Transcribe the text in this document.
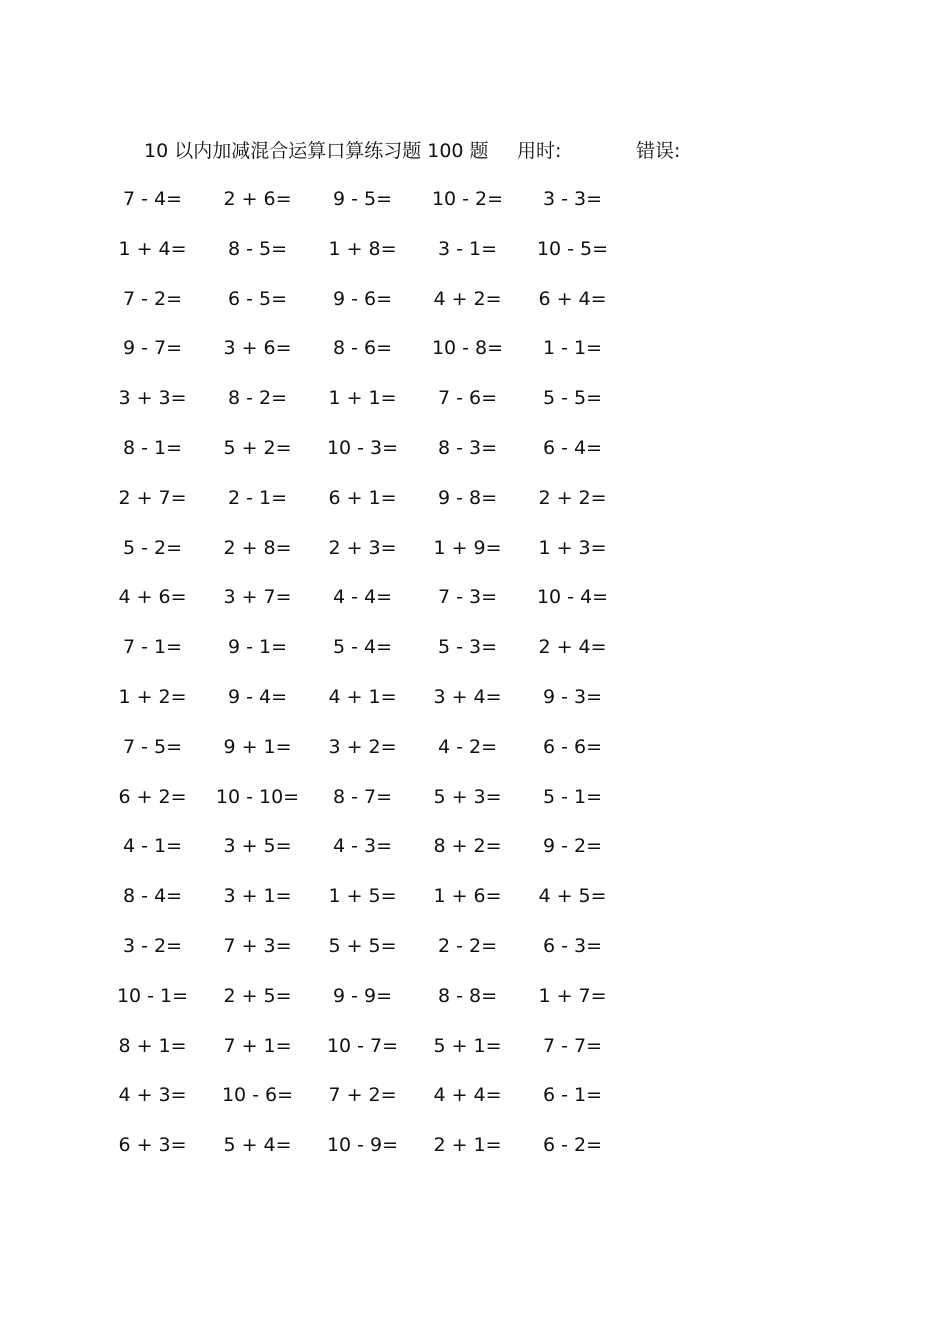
10 以内加减混合运算口算练习题 100 题 用时:	错误:
7 - 4=	2 + 6=	9 - 5=	10 - 2=	3 - 3=
1 + 4=	8 - 5=	1 + 8=	3 - 1=	10 - 5=
7 - 2=	6 - 5=	9 - 6=	4 + 2=	6 + 4=
9 - 7=	3 + 6=	8 - 6=	10 - 8=	1 - 1=
3 + 3=	8 - 2=	1 + 1=	7 - 6=	5 - 5=
8 - 1=	5 + 2=	10 - 3=	8 - 3=	6 - 4=
2 + 7=	2 - 1=	6 + 1=	9 - 8=	2 + 2=
5 - 2=	2 + 8=	2 + 3=	1 + 9=	1 + 3=
4 + 6=	3 + 7=	4 - 4=	7 - 3=	10 - 4=
7 - 1=	9 - 1=	5 - 4=	5 - 3=	2 + 4=
1 + 2=	9 - 4=	4 + 1=	3 + 4=	9 - 3=
7 - 5=	9 + 1=	3 + 2=	4 - 2=	6 - 6=
6 + 2=	10 - 10=	8 - 7=	5 + 3=	5 - 1=
4 - 1=	3 + 5=	4 - 3=	8 + 2=	9 - 2=
8 - 4=	3 + 1=	1 + 5=	1 + 6=	4 + 5=
3 - 2=	7 + 3=	5 + 5=	2 - 2=	6 - 3=
10 - 1=	2 + 5=	9 - 9=	8 - 8=	1 + 7=
8 + 1=	7 + 1=	10 - 7=	5 + 1=	7 - 7=
4 + 3=	10 - 6=	7 + 2=	4 + 4=	6 - 1=
6 + 3=	5 + 4=	10 - 9=	2 + 1=	6 - 2=
